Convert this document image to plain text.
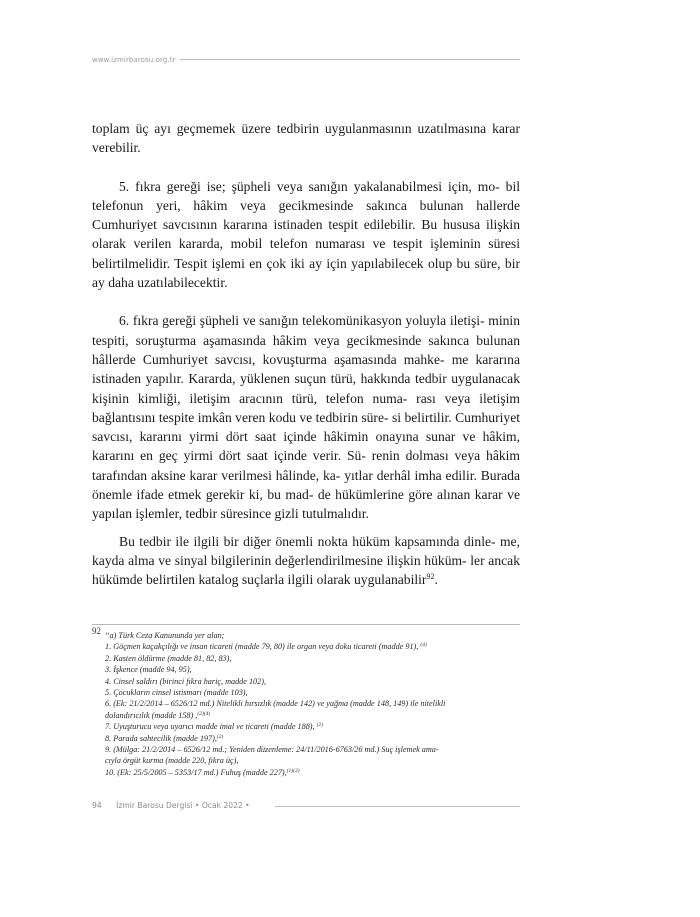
www.izmirbarosu.org.tr

toplam üç ayı geçmemek üzere tedbirin uygulanmasının uzatılmasına karar verebilir.

5. fıkra gereği ise; şüpheli veya sanığın yakalanabilmesi için, mo- bil telefonun yeri, hâkim veya gecikmesinde sakınca bulunan hallerde Cumhuriyet savcısının kararına istinaden tespit edilebilir. Bu hususa ilişkin olarak verilen kararda, mobil telefon numarası ve tespit işleminin süresi belirtilmelidir. Tespit işlemi en çok iki ay için yapılabilecek olup bu süre, bir ay daha uzatılabilecektir.

6. fıkra gereği şüpheli ve sanığın telekomünikasyon yoluyla iletişi- minin tespiti, soruşturma aşamasında hâkim veya gecikmesinde sakınca bulunan hâllerde Cumhuriyet savcısı, kovuşturma aşamasında mahke- me kararına istinaden yapılır. Kararda, yüklenen suçun türü, hakkında tedbir uygulanacak kişinin kimliği, iletişim aracının türü, telefon numa- rası veya iletişim bağlantısını tespite imkân veren kodu ve tedbirin süre- si belirtilir. Cumhuriyet savcısı, kararını yirmi dört saat içinde hâkimin onayına sunar ve hâkim, kararını en geç yirmi dört saat içinde verir. Sü- renin dolması veya hâkim tarafından aksine karar verilmesi hâlinde, ka- yıtlar derhâl imha edilir. Burada önemle ifade etmek gerekir ki, bu mad- de hükümlerine göre alınan karar ve yapılan işlemler, tedbir süresince gizli tutulmalıdır.

Bu tedbir ile ilgili bir diğer önemli nokta hüküm kapsamında dinle- me, kayda alma ve sinyal bilgilerinin değerlendirilmesine ilişkin hüküm- ler ancak hükümde belirtilen katalog suçlarla ilgili olarak uygulanabilir$^{92}$.

92 “a) Türk Ceza Kanununda yer alan;
1. Göçmen kaçakçılığı ve insan ticareti (madde 79, 80) ile organ veya doku ticareti (madde 91), $^{(4)}$
2. Kasten öldürme (madde 81, 82, 83),
3. İşkence (madde 94, 95),
4. Cinsel saldırı (birinci fıkra hariç, madde 102),
5. Çocukların cinsel istismarı (madde 103),
6. (Ek: 21/2/2014 – 6526/12 md.) Nitelikli hırsızlık (madde 142) ve yağma (madde 148, 149) ile nitelikli
dolandırıcılık (madde 158) ,$^{(2)(4)}$
7. Uyuşturucu veya uyarıcı madde imal ve ticareti (madde 188), $^{(2)}$
8. Parada sahtecilik (madde 197),$^{(2)}$
9. (Mülga: 21/2/2014 – 6526/12 md.; Yeniden düzenleme: 24/11/2016-6763/26 md.) Suç işlemek ama-
cıyla örgüt kurma (madde 220, fıkra üç),
10. (Ek: 25/5/2005 – 5353/17 md.) Fuhuş (madde 227),$^{(1)(2)}$
94 İzmir Barosu Dergisi • Ocak 2022 •
